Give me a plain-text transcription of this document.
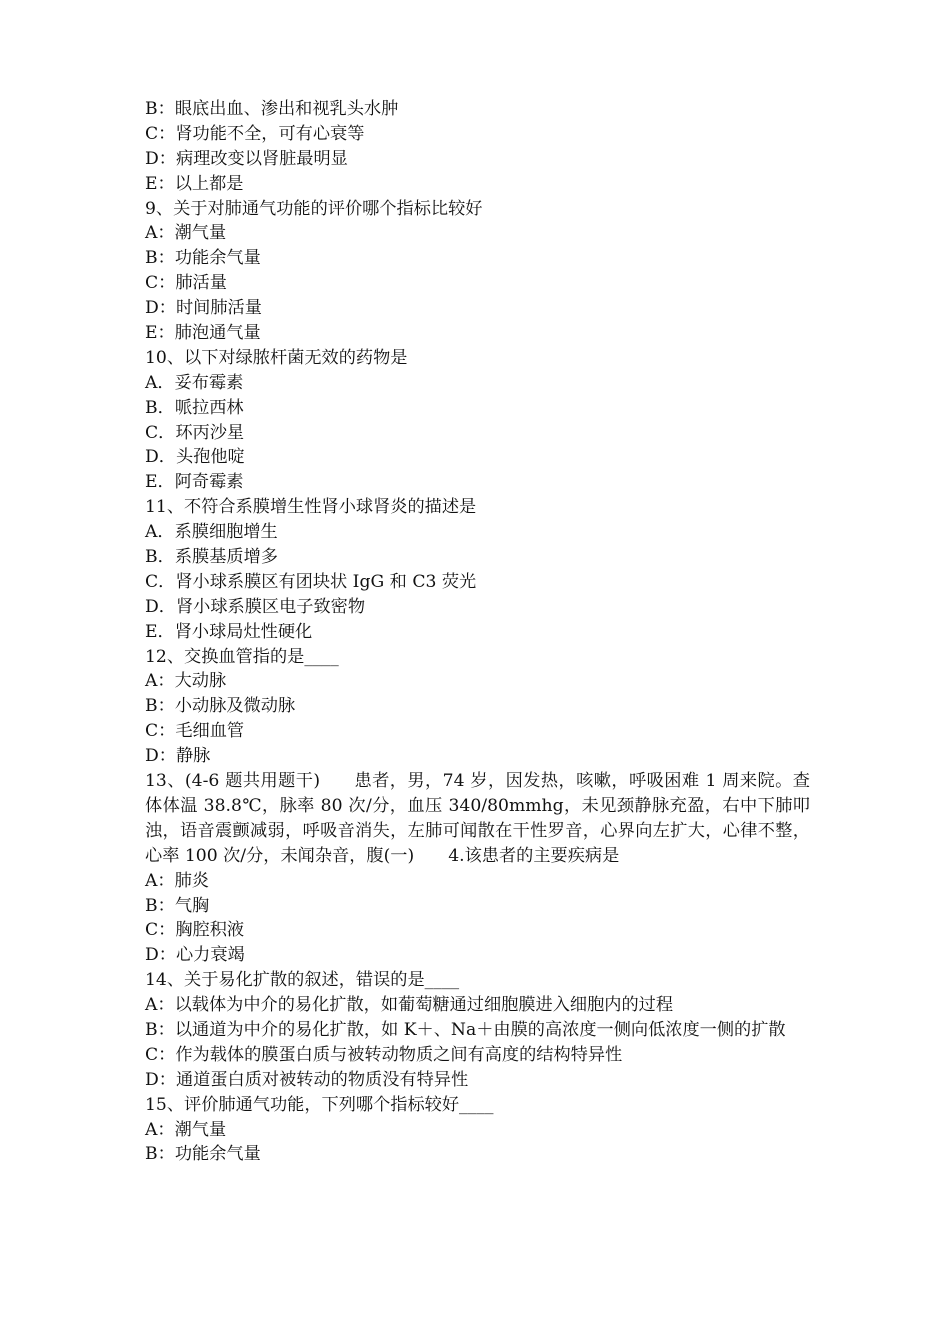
B：眼底出血、渗出和视乳头水肿
C：肾功能不全，可有心衰等
D：病理改变以肾脏最明显
E：以上都是
9、关于对肺通气功能的评价哪个指标比较好
A：潮气量
B：功能余气量
C：肺活量
D：时间肺活量
E：肺泡通气量
10、以下对绿脓杆菌无效的药物是
A．妥布霉素
B．哌拉西林
C．环丙沙星
D．头孢他啶
E．阿奇霉素
11、不符合系膜增生性肾小球肾炎的描述是
A．系膜细胞增生
B．系膜基质增多
C．肾小球系膜区有团块状 IgG 和 C3 荧光
D．肾小球系膜区电子致密物
E．肾小球局灶性硬化
12、交换血管指的是____
A：大动脉
B：小动脉及微动脉
C：毛细血管
D：静脉
13、(4-6 题共用题干) 患者，男，74 岁，因发热，咳嗽，呼吸困难 1 周来院。查体体温 38.8℃，脉率 80 次/分，血压 340/80mmhg，未见颈静脉充盈，右中下肺叩浊，语音震颤减弱，呼吸音消失，左肺可闻散在干性罗音，心界向左扩大，心律不整，心率 100 次/分，未闻杂音，腹(一) 4.该患者的主要疾病是
A：肺炎
B：气胸
C：胸腔积液
D：心力衰竭
14、关于易化扩散的叙述，错误的是____
A：以载体为中介的易化扩散，如葡萄糖通过细胞膜进入细胞内的过程
B：以通道为中介的易化扩散，如 K＋、Na＋由膜的高浓度一侧向低浓度一侧的扩散
C：作为载体的膜蛋白质与被转动物质之间有高度的结构特异性
D：通道蛋白质对被转动的物质没有特异性
15、评价肺通气功能，下列哪个指标较好____
A：潮气量
B：功能余气量
